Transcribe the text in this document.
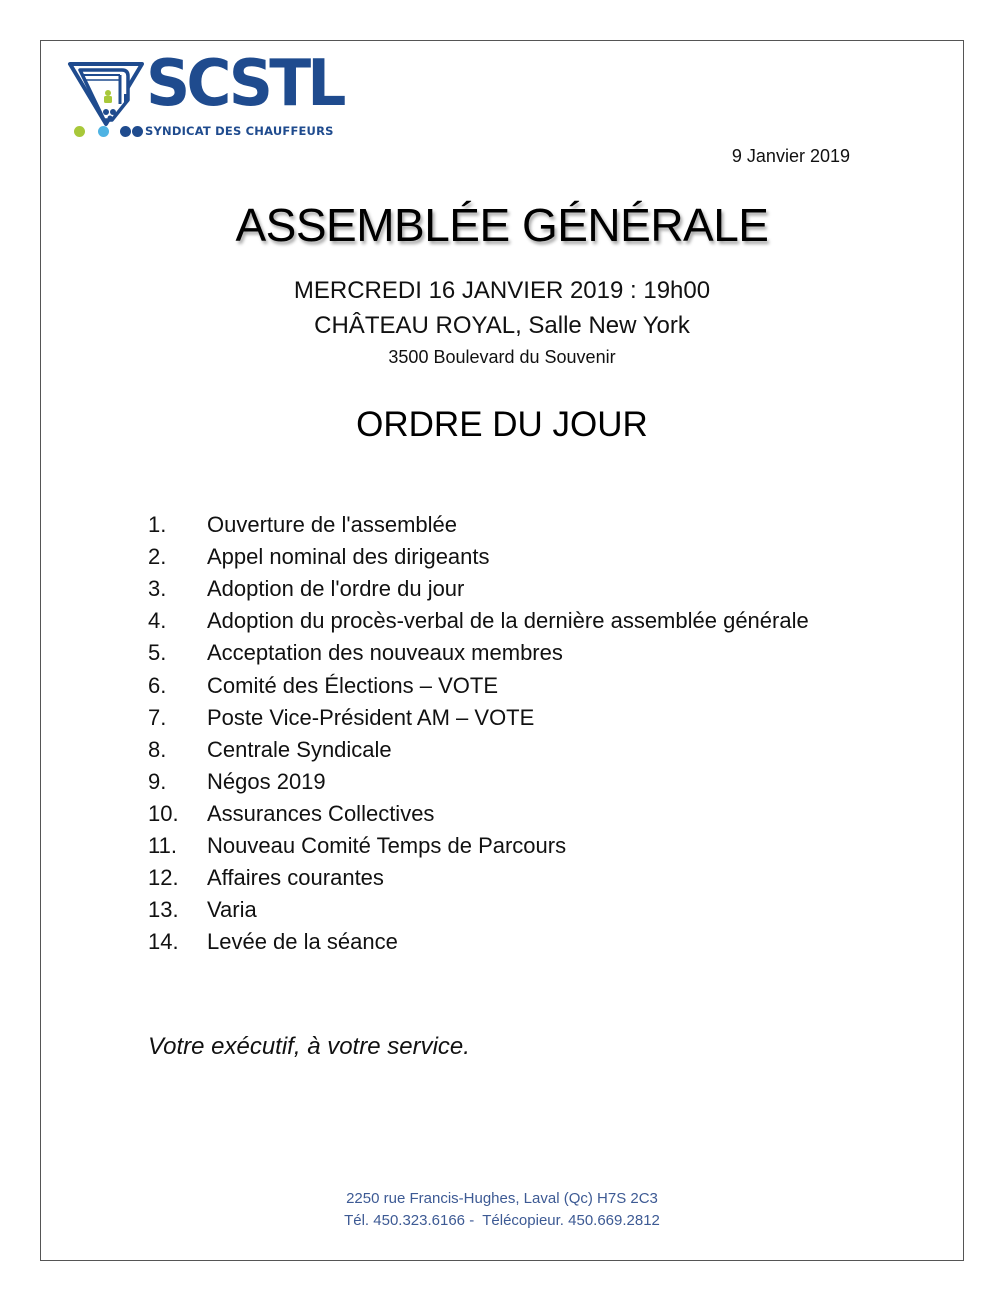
SCSTL
SYNDICAT DES CHAUFFEURS
9 Janvier 2019
ASSEMBLÉE GÉNÉRALE
MERCREDI 16 JANVIER 2019 : 19h00
CHÂTEAU ROYAL, Salle New York
3500 Boulevard du Souvenir
ORDRE DU JOUR
1.	Ouverture de l'assemblée
2.	Appel nominal des dirigeants
3.	Adoption de l'ordre du jour
4.	Adoption du procès-verbal de la dernière assemblée générale
5.	Acceptation des nouveaux membres
6.	Comité des Élections – VOTE
7.	Poste Vice-Président AM – VOTE
8.	Centrale Syndicale
9.	Négos 2019
10.	Assurances Collectives
11.	Nouveau Comité Temps de Parcours
12.	Affaires courantes
13.	Varia
14.	Levée de la séance
Votre exécutif, à votre service.
2250 rue Francis-Hughes, Laval (Qc) H7S 2C3
Tél. 450.323.6166 -  Télécopieur. 450.669.2812
